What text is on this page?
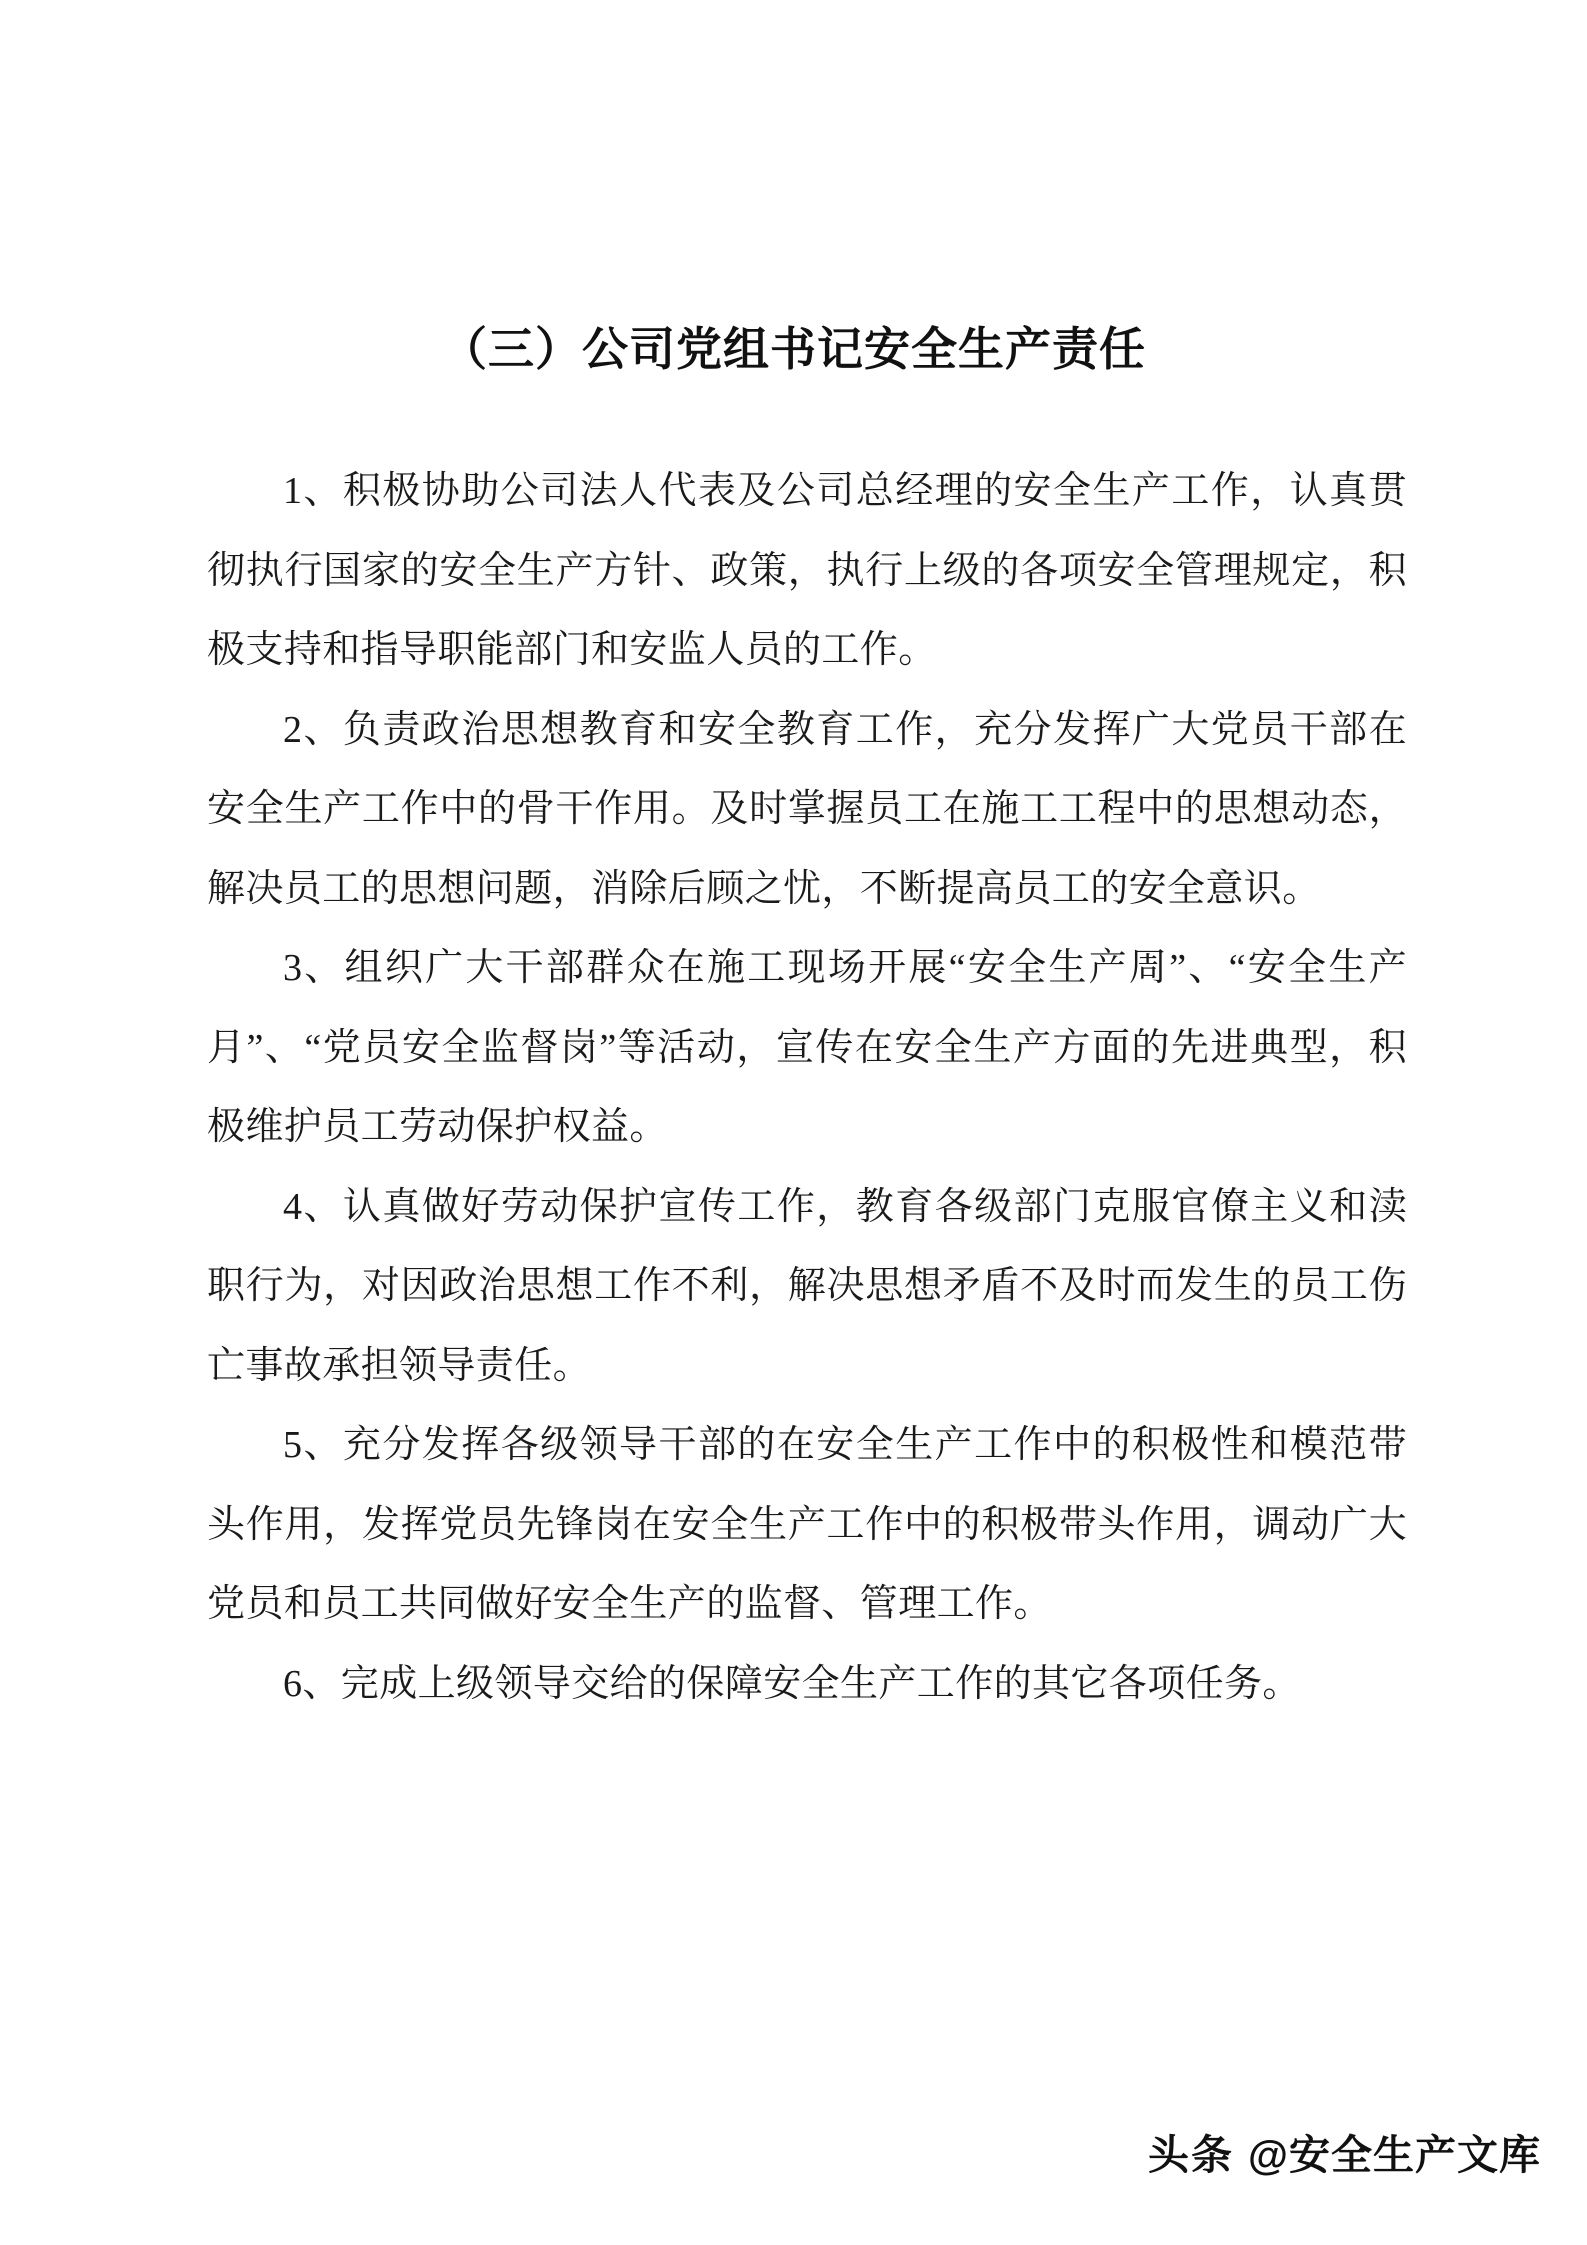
（三）公司党组书记安全生产责任

1、积极协助公司法人代表及公司总经理的安全生产工作，认真贯彻执行国家的安全生产方针、政策，执行上级的各项安全管理规定，积极支持和指导职能部门和安监人员的工作。

2、负责政治思想教育和安全教育工作，充分发挥广大党员干部在安全生产工作中的骨干作用。及时掌握员工在施工工程中的思想动态，解决员工的思想问题，消除后顾之忧，不断提高员工的安全意识。

3、组织广大干部群众在施工现场开展“安全生产周”、“安全生产月”、“党员安全监督岗”等活动，宣传在安全生产方面的先进典型，积极维护员工劳动保护权益。

4、认真做好劳动保护宣传工作，教育各级部门克服官僚主义和渎职行为，对因政治思想工作不利，解决思想矛盾不及时而发生的员工伤亡事故承担领导责任。

5、充分发挥各级领导干部的在安全生产工作中的积极性和模范带头作用，发挥党员先锋岗在安全生产工作中的积极带头作用，调动广大党员和员工共同做好安全生产的监督、管理工作。

6、完成上级领导交给的保障安全生产工作的其它各项任务。

头条 @安全生产文库
